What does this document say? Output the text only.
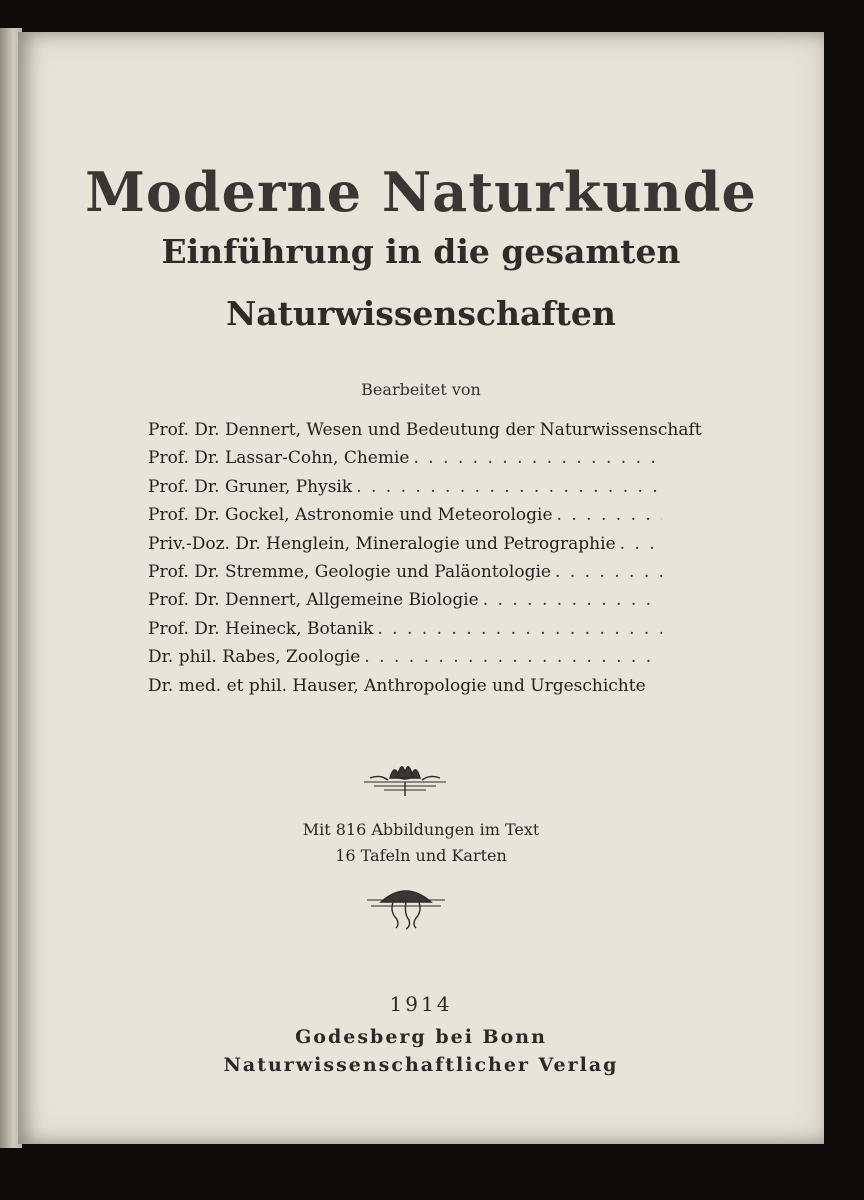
Moderne Naturkunde
Einführung in die gesamten
Naturwissenschaften
Bearbeitet von
Prof. Dr. Dennert, Wesen und Bedeutung der Naturwissenschaft
Prof. Dr. Lassar-Cohn, Chemie
. . .
Prof. Dr. Gruner, Physik
. . .
Prof. Dr. Gockel, Astronomie und Meteorologie
. . .
Priv.-Doz. Dr. Henglein, Mineralogie und Petrographie
. . .
Prof. Dr. Stremme, Geologie und Paläontologie
. . .
Prof. Dr. Dennert, Allgemeine Biologie
. . .
Prof. Dr. Heineck, Botanik
. . .
Dr. phil. Rabes, Zoologie
. . .
Dr. med. et phil. Hauser, Anthropologie und Urgeschichte
Mit 816 Abbildungen im Text
16 Tafeln und Karten
1914
Godesberg bei Bonn
Naturwissenschaftlicher Verlag
